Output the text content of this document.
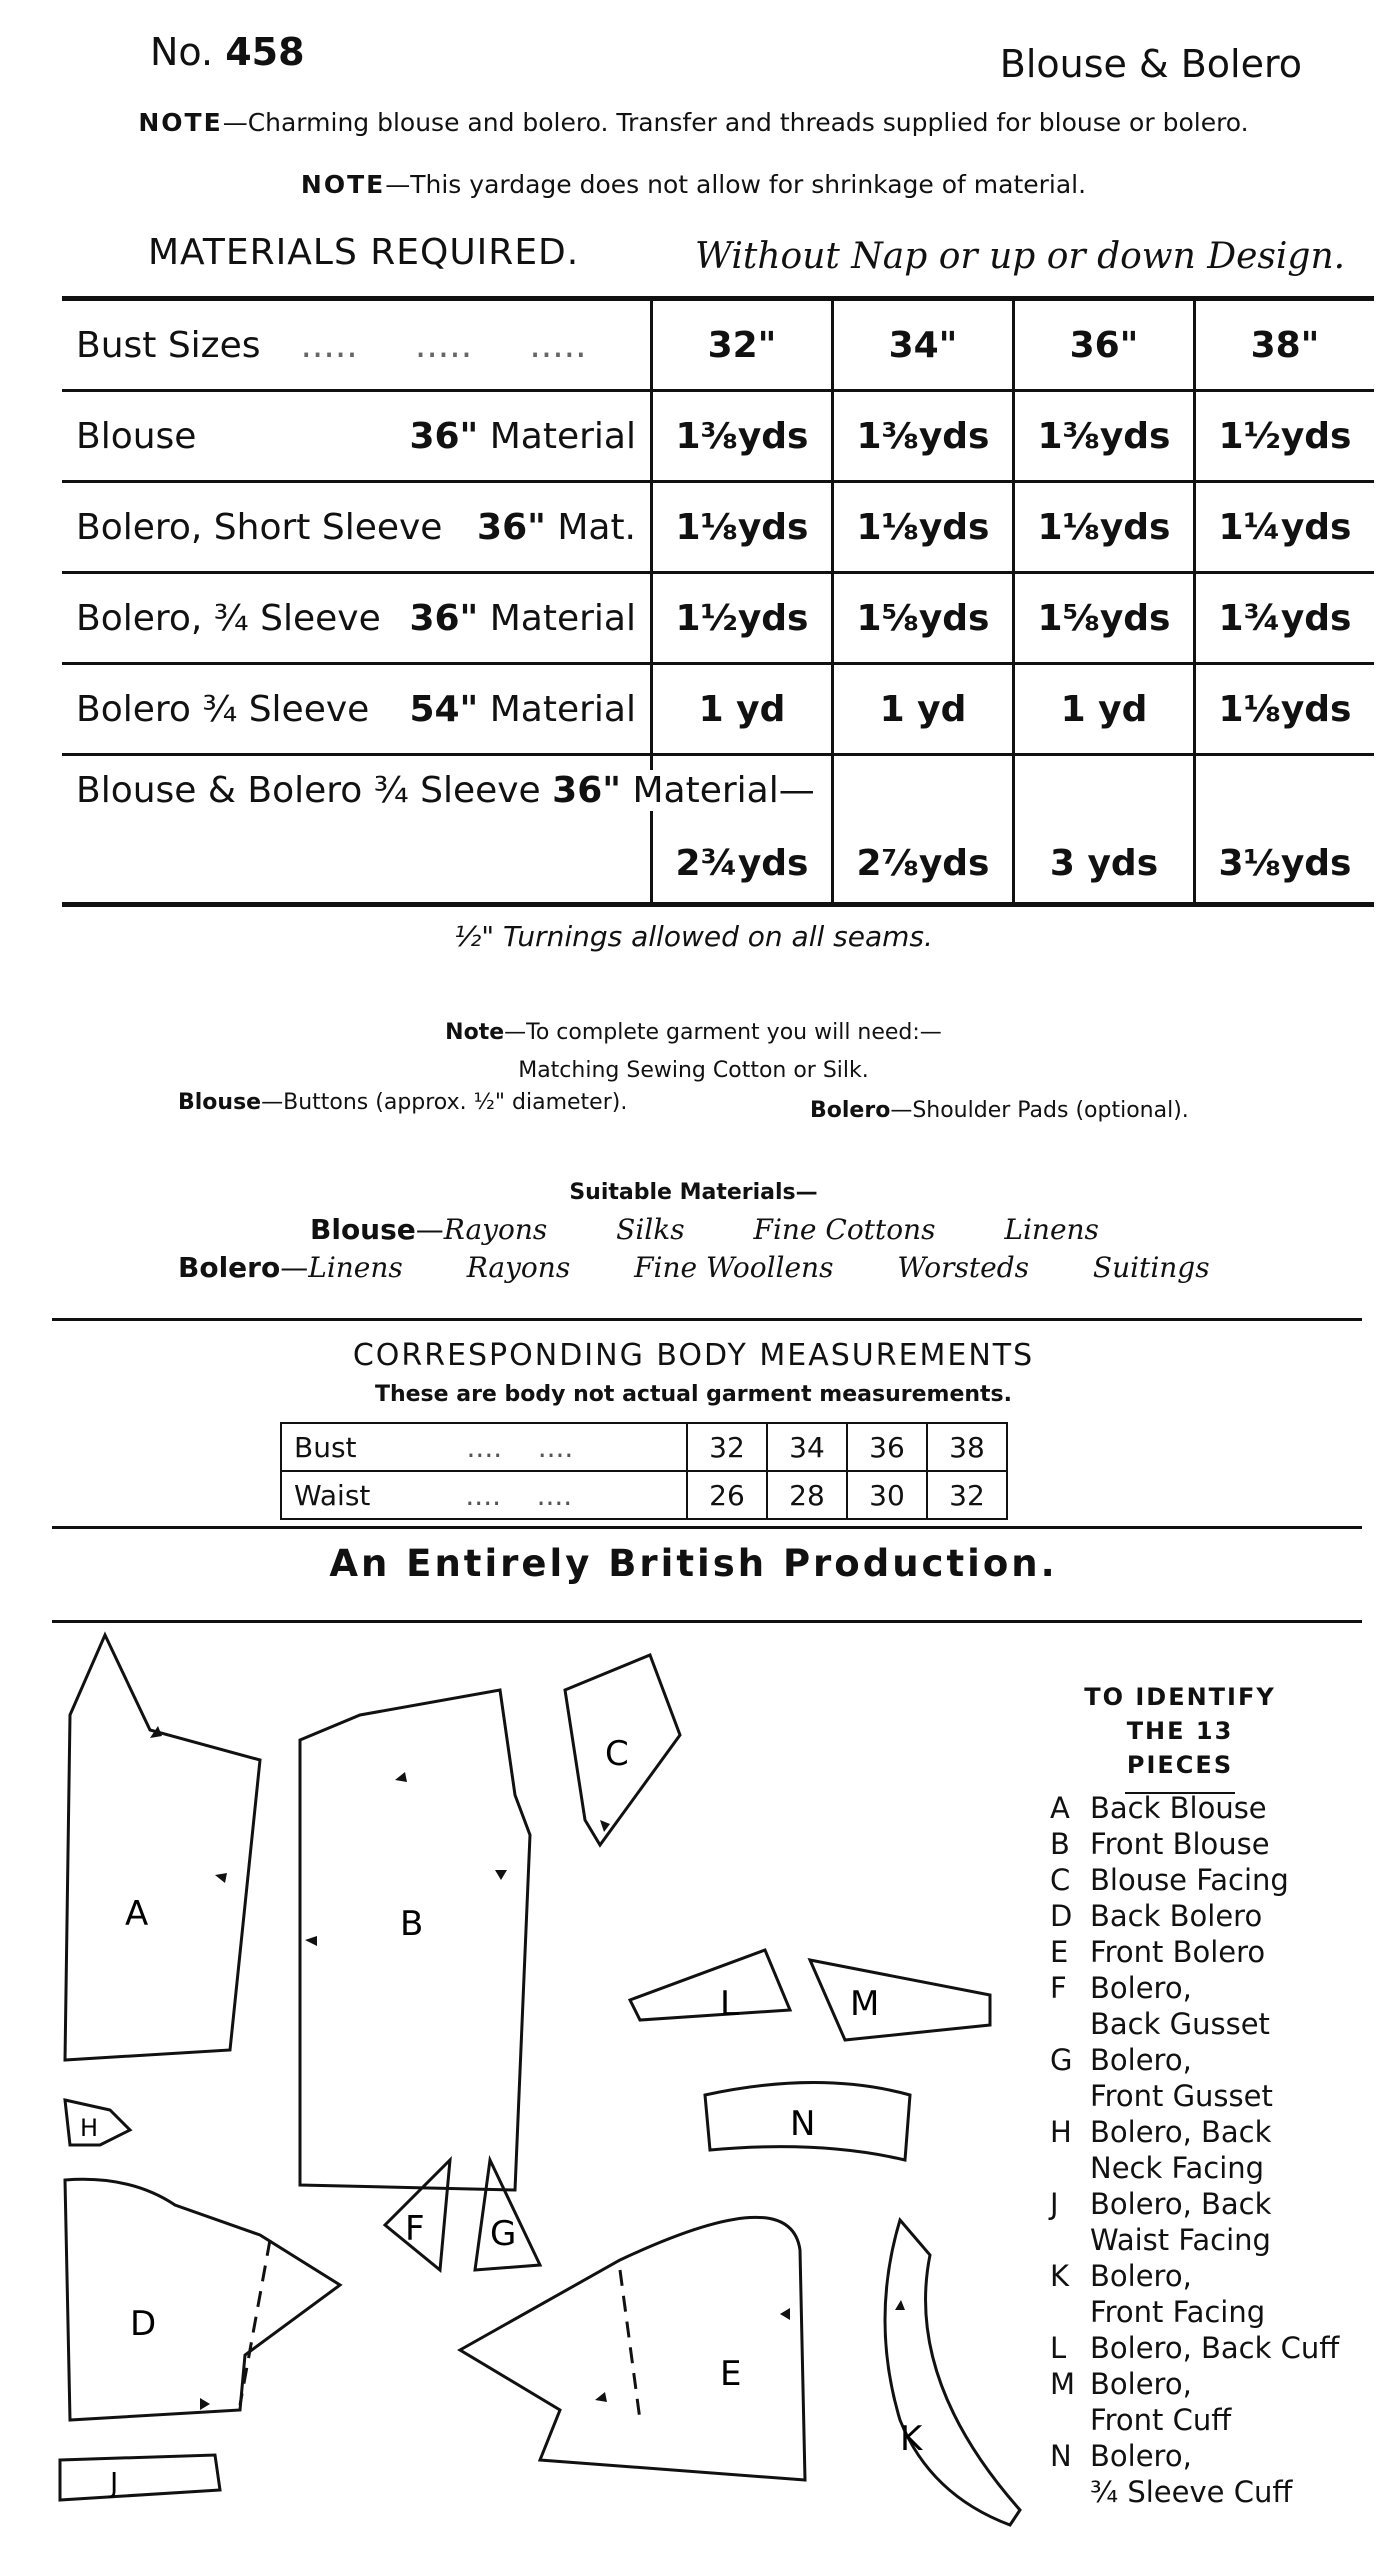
No. 458	Blouse & Bolero
NOTE—Charming blouse and bolero. Transfer and threads supplied for blouse or bolero.
NOTE—This yardage does not allow for shrinkage of material.
MATERIALS REQUIRED.	Without Nap or up or down Design.
Bust Sizes .....     .....     .....	32"	34"	36"	38"
Blouse 36" Material	1⅜yds	1⅜yds	1⅜yds	1½yds
Bolero, Short Sleeve 36" Mat.	1⅛yds	1⅛yds	1⅛yds	1¼yds
Bolero, ¾ Sleeve 36" Material	1½yds	1⅝yds	1⅝yds	1¾yds
Bolero ¾ Sleeve 54" Material	1 yd	1 yd	1 yd	1⅛yds

Blouse & Bolero ¾ Sleeve 36" Material—	2¾yds	2⅞yds	3 yds	3⅛yds
½" Turnings allowed on all seams.
Note—To complete garment you will need:—
Matching Sewing Cotton or Silk.
Blouse—Buttons (approx. ½" diameter).	Bolero—Shoulder Pads (optional).
Suitable Materials—
Blouse—Rayons Silks Fine Cottons Linens
Bolero—Linens Rayons Fine Woollens Worsteds Suitings
CORRESPONDING BODY MEASUREMENTS
These are body not actual garment measurements.
Bust ....    ....	32	34	36	38
Waist ....    ....	26	28	30	32
An Entirely British Production.
A	B
C
D
E
F G
H
J
K
L	M
N
TO IDENTIFY
THE 13 PIECES
A Back Blouse
B Front Blouse
C Blouse Facing
D Back Bolero
E Front Bolero
F Bolero,
Back Gusset
G Bolero,
Front Gusset
H Bolero, Back
Neck Facing
J Bolero, Back
Waist Facing
K Bolero,
Front Facing
L Bolero, Back Cuff
M Bolero,
Front Cuff
N Bolero,
¾ Sleeve Cuff
